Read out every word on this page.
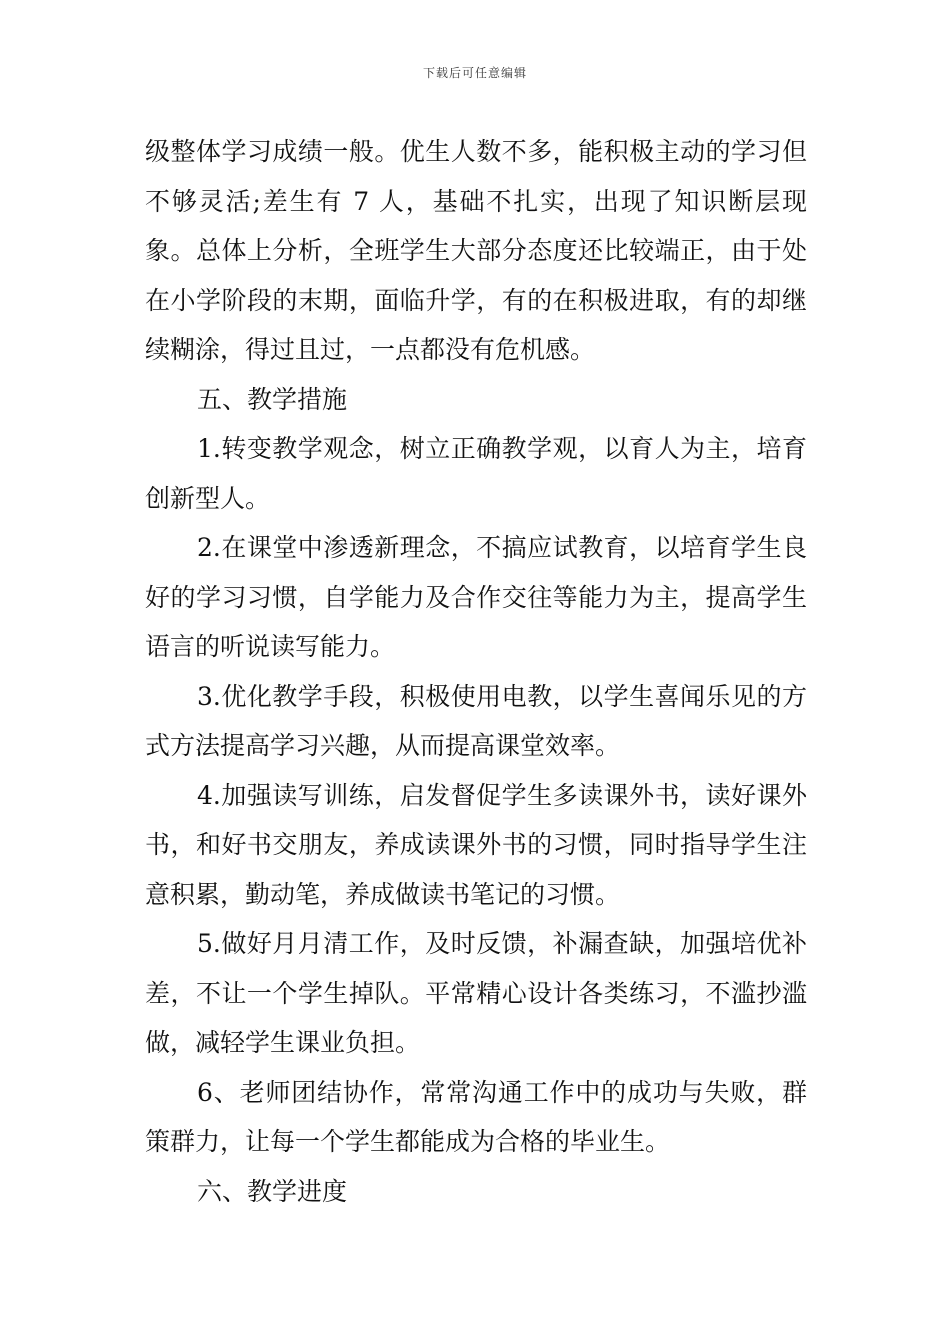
下载后可任意编辑

级整体学习成绩一般。优生人数不多，能积极主动的学习但不够灵活;差生有 7 人，基础不扎实，出现了知识断层现象。总体上分析，全班学生大部分态度还比较端正，由于处在小学阶段的末期，面临升学，有的在积极进取，有的却继续糊涂，得过且过，一点都没有危机感。

五、教学措施

1.转变教学观念，树立正确教学观，以育人为主，培育创新型人。

2.在课堂中渗透新理念，不搞应试教育，以培育学生良好的学习习惯，自学能力及合作交往等能力为主，提高学生语言的听说读写能力。

3.优化教学手段，积极使用电教，以学生喜闻乐见的方式方法提高学习兴趣，从而提高课堂效率。

4.加强读写训练，启发督促学生多读课外书，读好课外书，和好书交朋友，养成读课外书的习惯，同时指导学生注意积累，勤动笔，养成做读书笔记的习惯。

5.做好月月清工作，及时反馈，补漏查缺，加强培优补差，不让一个学生掉队。平常精心设计各类练习，不滥抄滥做，减轻学生课业负担。

6、老师团结协作，常常沟通工作中的成功与失败，群策群力，让每一个学生都能成为合格的毕业生。

六、教学进度
